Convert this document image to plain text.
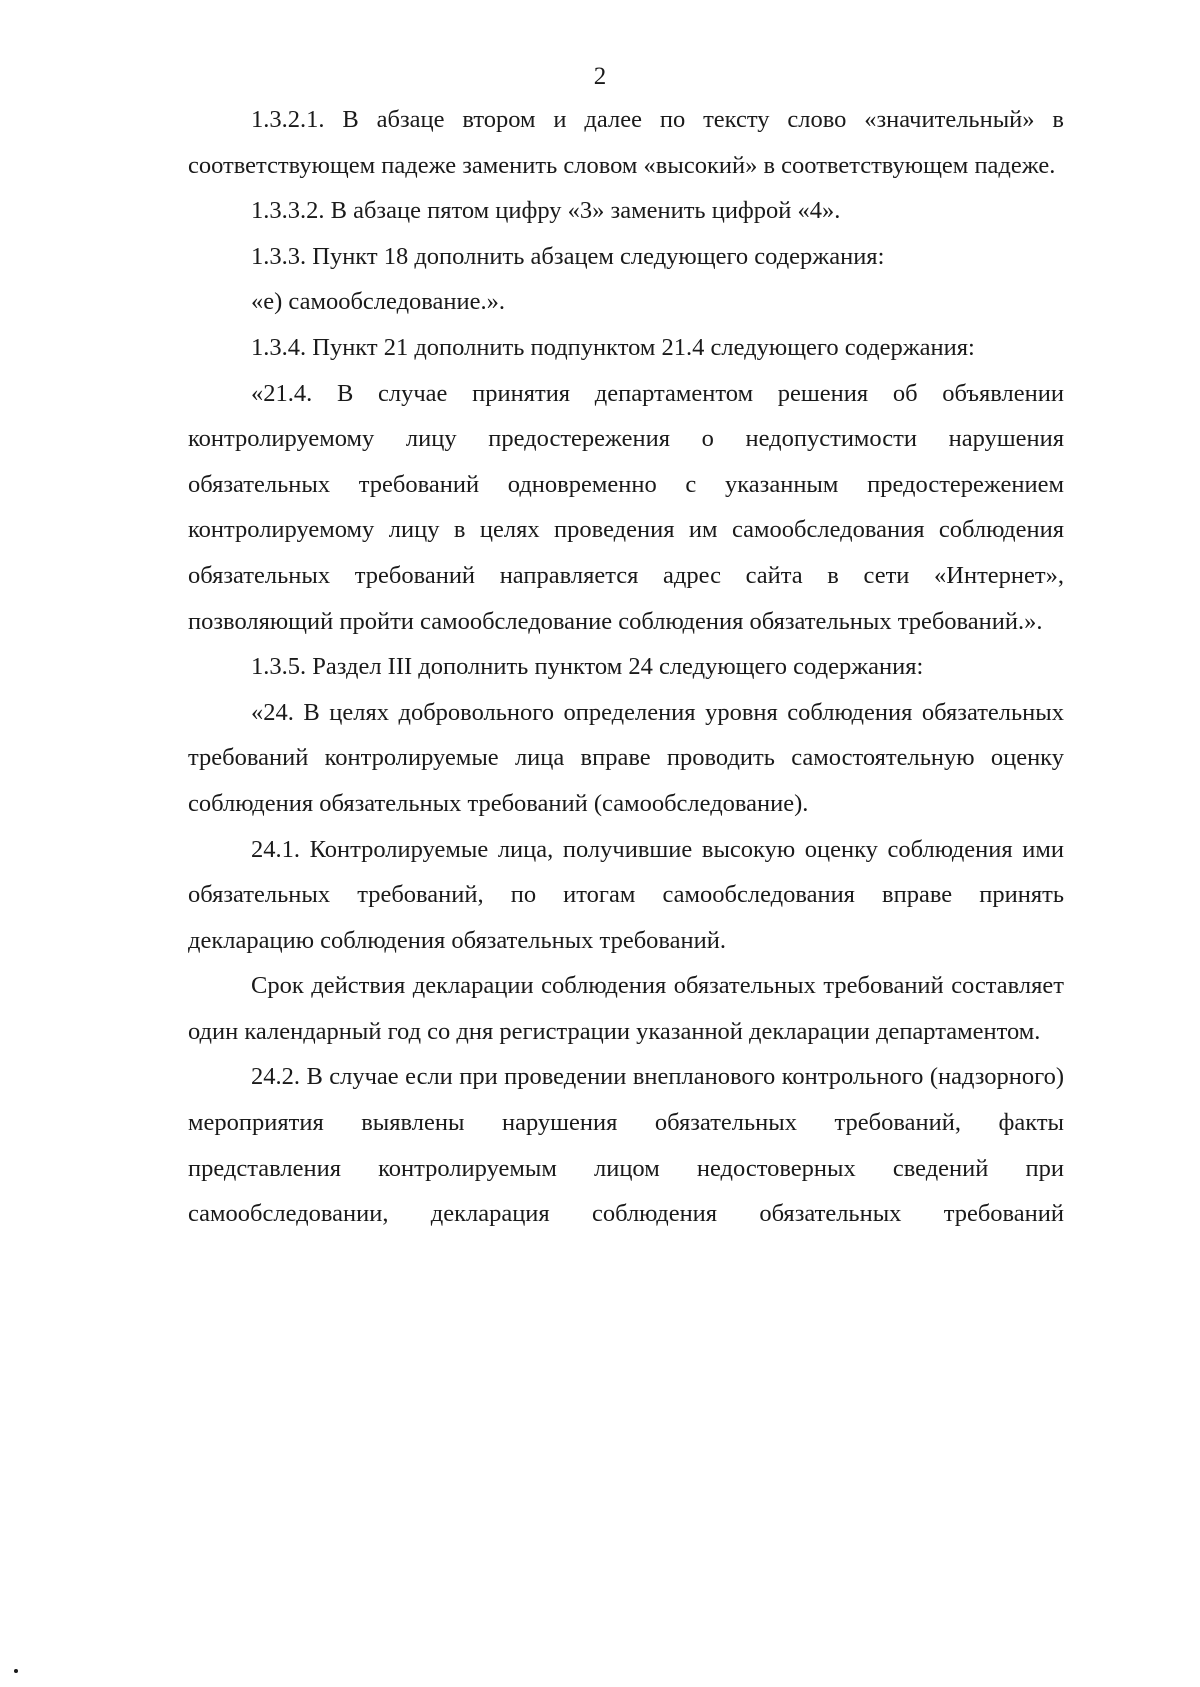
2

1.3.2.1. В абзаце втором и далее по тексту слово «значительный» в соответствующем падеже заменить словом «высокий» в соответствующем падеже.

1.3.3.2. В абзаце пятом цифру «3» заменить цифрой «4».

1.3.3. Пункт 18 дополнить абзацем следующего содержания:

«е) самообследование.».

1.3.4. Пункт 21 дополнить подпунктом 21.4 следующего содержания:

«21.4. В случае принятия департаментом решения об объявлении контролируемому лицу предостережения о недопустимости нарушения обязательных требований одновременно с указанным предостережением контролируемому лицу в целях проведения им самообследования соблюдения обязательных требований направляется адрес сайта в сети «Интернет», позволяющий пройти самообследование соблюдения обязательных требований.».

1.3.5. Раздел III дополнить пунктом 24 следующего содержания:

«24. В целях добровольного определения уровня соблюдения обязательных требований контролируемые лица вправе проводить самостоятельную оценку соблюдения обязательных требований (самообследование).

24.1. Контролируемые лица, получившие высокую оценку соблюдения ими обязательных требований, по итогам самообследования вправе принять декларацию соблюдения обязательных требований.

Срок действия декларации соблюдения обязательных требований составляет один календарный год со дня регистрации указанной декларации департаментом.

24.2. В случае если при проведении внепланового контрольного (надзорного) мероприятия выявлены нарушения обязательных требований, факты представления контролируемым лицом недостоверных сведений при самообследовании, декларация соблюдения обязательных требований
